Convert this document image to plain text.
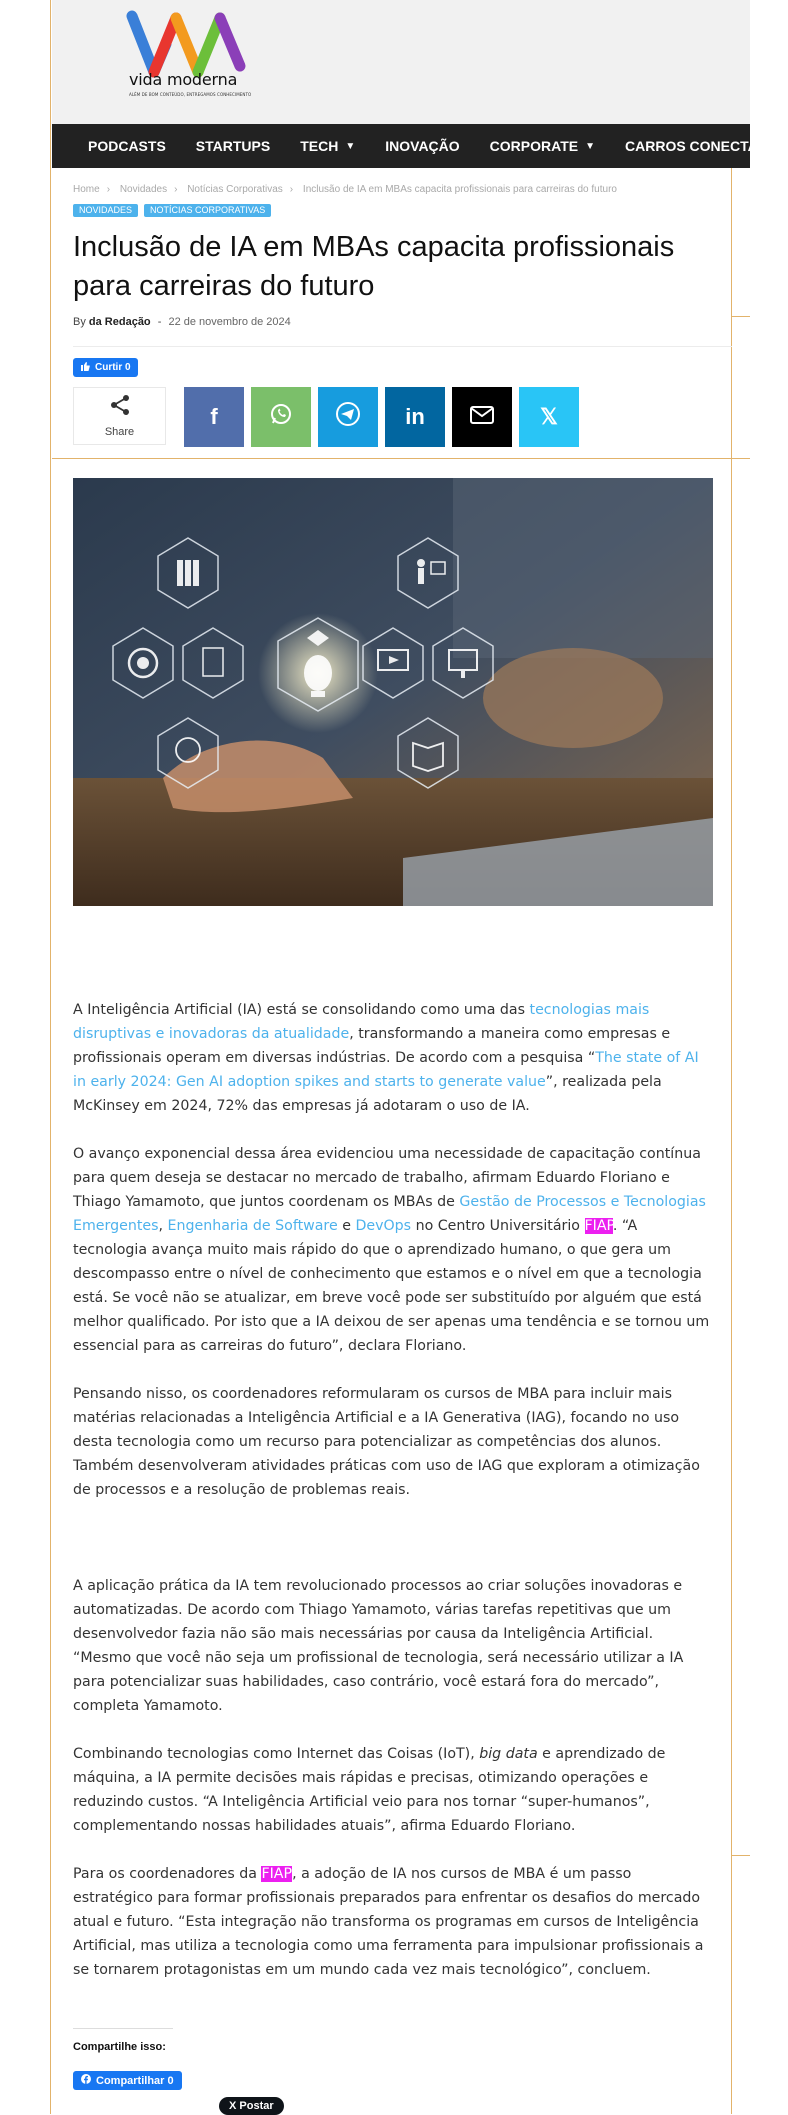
vida moderna
ALÉM DE BOM CONTEÚDO, ENTREGAMOS CONHECIMENTO
PODCASTS STARTUPS TECH ▼ INOVAÇÃO CORPORATE ▼ CARROS CONECTADOS
Home › Novidades › Notícias Corporativas › Inclusão de IA em MBAs capacita profissionais para carreiras do futuro
NOVIDADES	NOTÍCIAS CORPORATIVAS
Inclusão de IA em MBAs capacita profissionais para carreiras do futuro
By da Redação - 22 de novembro de 2024
Curtir 0
Share
f	in	𝕏

A Inteligência Artificial (IA) está se consolidando como uma das tecnologias mais disruptivas e inovadoras da atualidade, transformando a maneira como empresas e profissionais operam em diversas indústrias. De acordo com a pesquisa “The state of AI in early 2024: Gen AI adoption spikes and starts to generate value”, realizada pela McKinsey em 2024, 72% das empresas já adotaram o uso de IA.

O avanço exponencial dessa área evidenciou uma necessidade de capacitação contínua para quem deseja se destacar no mercado de trabalho, afirmam Eduardo Floriano e Thiago Yamamoto, que juntos coordenam os MBAs de Gestão de Processos e Tecnologias Emergentes, Engenharia de Software e DevOps no Centro Universitário FIAP. “A tecnologia avança muito mais rápido do que o aprendizado humano, o que gera um descompasso entre o nível de conhecimento que estamos e o nível em que a tecnologia está. Se você não se atualizar, em breve você pode ser substituído por alguém que está melhor qualificado. Por isto que a IA deixou de ser apenas uma tendência e se tornou um essencial para as carreiras do futuro”, declara Floriano.

Pensando nisso, os coordenadores reformularam os cursos de MBA para incluir mais matérias relacionadas a Inteligência Artificial e a IA Generativa (IAG), focando no uso desta tecnologia como um recurso para potencializar as competências dos alunos. Também desenvolveram atividades práticas com uso de IAG que exploram a otimização de processos e a resolução de problemas reais.

A aplicação prática da IA tem revolucionado processos ao criar soluções inovadoras e automatizadas. De acordo com Thiago Yamamoto, várias tarefas repetitivas que um desenvolvedor fazia não são mais necessárias por causa da Inteligência Artificial. “Mesmo que você não seja um profissional de tecnologia, será necessário utilizar a IA para potencializar suas habilidades, caso contrário, você estará fora do mercado”, completa Yamamoto.

Combinando tecnologias como Internet das Coisas (IoT), big data e aprendizado de máquina, a IA permite decisões mais rápidas e precisas, otimizando operações e reduzindo custos. “A Inteligência Artificial veio para nos tornar “super-humanos”, complementando nossas habilidades atuais”, afirma Eduardo Floriano.

Para os coordenadores da FIAP, a adoção de IA nos cursos de MBA é um passo estratégico para formar profissionais preparados para enfrentar os desafios do mercado atual e futuro. “Esta integração não transforma os programas em cursos de Inteligência Artificial, mas utiliza a tecnologia como uma ferramenta para impulsionar profissionais a se tornarem protagonistas em um mundo cada vez mais tecnológico”, concluem.

Compartilhe isso:
Compartilhar 0
X Postar
